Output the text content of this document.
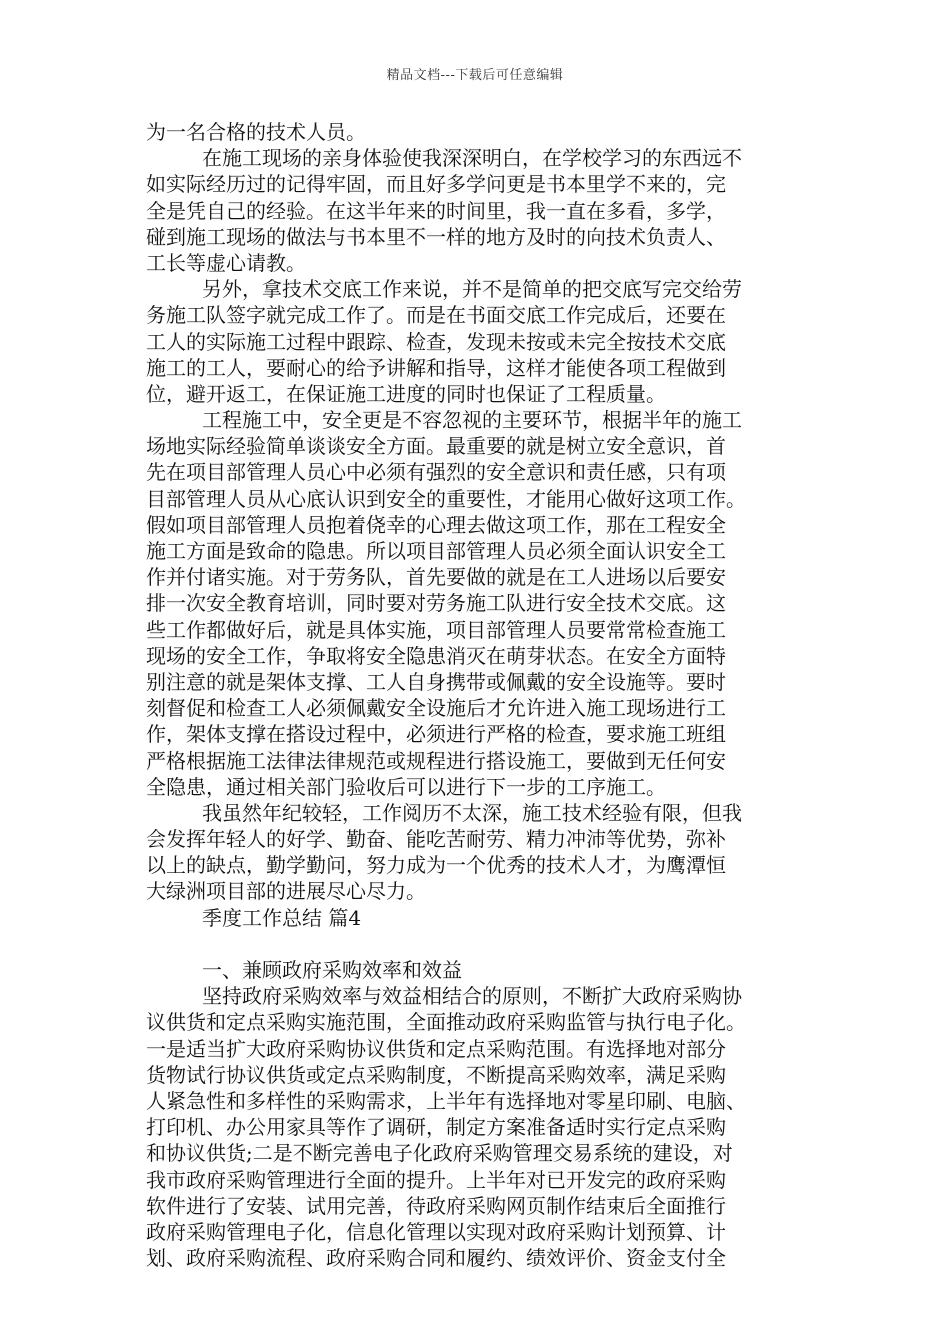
精品文档---下载后可任意编辑
为一名合格的技术人员。
在施工现场的亲身体验使我深深明白，在学校学习的东西远不
如实际经历过的记得牢固，而且好多学问更是书本里学不来的，完
全是凭自己的经验。在这半年来的时间里，我一直在多看，多学，
碰到施工现场的做法与书本里不一样的地方及时的向技术负责人、
工长等虚心请教。
另外，拿技术交底工作来说，并不是简单的把交底写完交给劳
务施工队签字就完成工作了。而是在书面交底工作完成后，还要在
工人的实际施工过程中跟踪、检查，发现未按或未完全按技术交底
施工的工人，要耐心的给予讲解和指导，这样才能使各项工程做到
位，避开返工，在保证施工进度的同时也保证了工程质量。
工程施工中，安全更是不容忽视的主要环节，根据半年的施工
场地实际经验简单谈谈安全方面。最重要的就是树立安全意识，首
先在项目部管理人员心中必须有强烈的安全意识和责任感，只有项
目部管理人员从心底认识到安全的重要性，才能用心做好这项工作。
假如项目部管理人员抱着侥幸的心理去做这项工作，那在工程安全
施工方面是致命的隐患。所以项目部管理人员必须全面认识安全工
作并付诸实施。对于劳务队，首先要做的就是在工人进场以后要安
排一次安全教育培训，同时要对劳务施工队进行安全技术交底。这
些工作都做好后，就是具体实施，项目部管理人员要常常检查施工
现场的安全工作，争取将安全隐患消灭在萌芽状态。在安全方面特
别注意的就是架体支撑、工人自身携带或佩戴的安全设施等。要时
刻督促和检查工人必须佩戴安全设施后才允许进入施工现场进行工
作，架体支撑在搭设过程中，必须进行严格的检查，要求施工班组
严格根据施工法律法律规范或规程进行搭设施工，要做到无任何安
全隐患，通过相关部门验收后可以进行下一步的工序施工。
我虽然年纪较轻，工作阅历不太深，施工技术经验有限，但我
会发挥年轻人的好学、勤奋、能吃苦耐劳、精力冲沛等优势，弥补
以上的缺点，勤学勤问，努力成为一个优秀的技术人才，为鹰潭恒
大绿洲项目部的进展尽心尽力。
季度工作总结 篇4
一、兼顾政府采购效率和效益
坚持政府采购效率与效益相结合的原则，不断扩大政府采购协
议供货和定点采购实施范围，全面推动政府采购监管与执行电子化。
一是适当扩大政府采购协议供货和定点采购范围。有选择地对部分
货物试行协议供货或定点采购制度，不断提高采购效率，满足采购
人紧急性和多样性的采购需求，上半年有选择地对零星印刷、电脑、
打印机、办公用家具等作了调研，制定方案准备适时实行定点采购
和协议供货;二是不断完善电子化政府采购管理交易系统的建设，对
我市政府采购管理进行全面的提升。上半年对已开发完的政府采购
软件进行了安装、试用完善，待政府采购网页制作结束后全面推行
政府采购管理电子化，信息化管理以实现对政府采购计划预算、计
划、政府采购流程、政府采购合同和履约、绩效评价、资金支付全
